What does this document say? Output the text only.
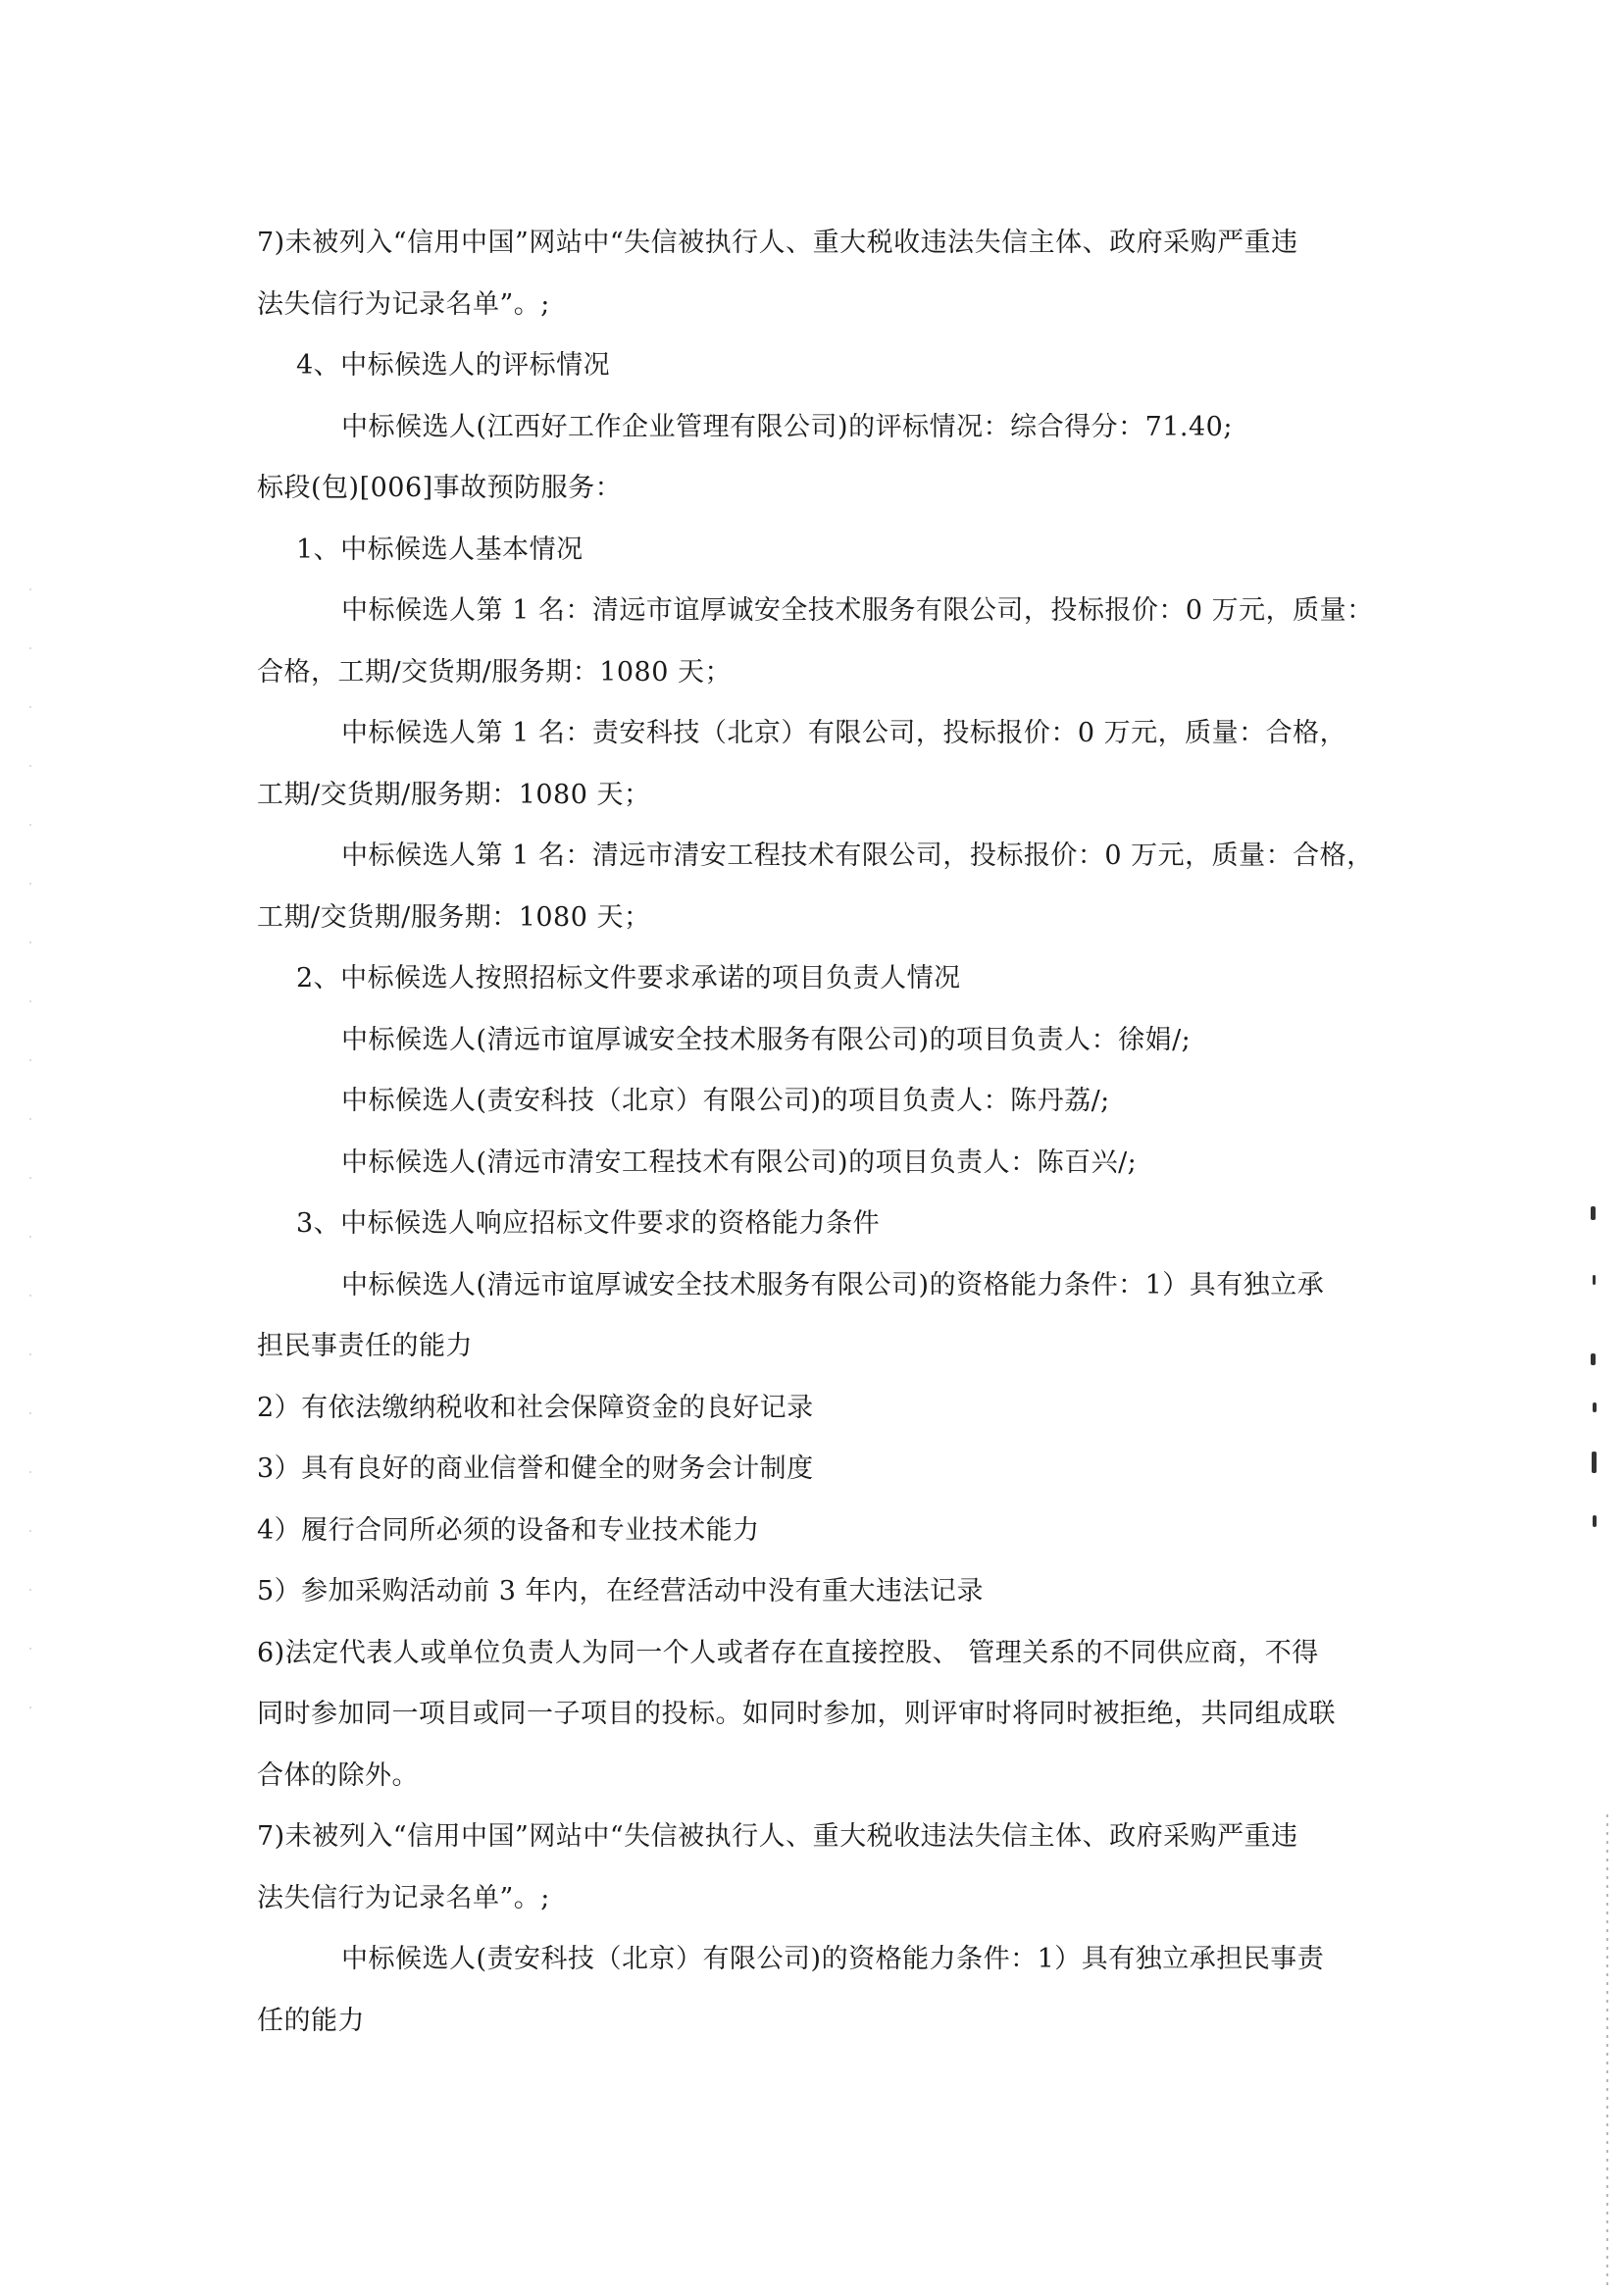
7)未被列入“信用中国”网站中“失信被执行人、重大税收违法失信主体、政府采购严重违
法失信行为记录名单”。;
4、中标候选人的评标情况
中标候选人(江西好工作企业管理有限公司)的评标情况：综合得分：71.40;
标段(包)[006]事故预防服务：
1、中标候选人基本情况
中标候选人第 1 名：清远市谊厚诚安全技术服务有限公司，投标报价：0 万元，质量：
合格，工期/交货期/服务期：1080 天；
中标候选人第 1 名：责安科技（北京）有限公司，投标报价：0 万元，质量：合格，
工期/交货期/服务期：1080 天；
中标候选人第 1 名：清远市清安工程技术有限公司，投标报价：0 万元，质量：合格，
工期/交货期/服务期：1080 天；
2、中标候选人按照招标文件要求承诺的项目负责人情况
中标候选人(清远市谊厚诚安全技术服务有限公司)的项目负责人：徐娟/;
中标候选人(责安科技（北京）有限公司)的项目负责人：陈丹荔/;
中标候选人(清远市清安工程技术有限公司)的项目负责人：陈百兴/;
3、中标候选人响应招标文件要求的资格能力条件
中标候选人(清远市谊厚诚安全技术服务有限公司)的资格能力条件：1）具有独立承
担民事责任的能力
2）有依法缴纳税收和社会保障资金的良好记录
3）具有良好的商业信誉和健全的财务会计制度
4）履行合同所必须的设备和专业技术能力
5）参加采购活动前 3 年内，在经营活动中没有重大违法记录
6)法定代表人或单位负责人为同一个人或者存在直接控股、 管理关系的不同供应商，不得
同时参加同一项目或同一子项目的投标。如同时参加，则评审时将同时被拒绝，共同组成联
合体的除外。
7)未被列入“信用中国”网站中“失信被执行人、重大税收违法失信主体、政府采购严重违
法失信行为记录名单”。;
中标候选人(责安科技（北京）有限公司)的资格能力条件：1）具有独立承担民事责
任的能力
